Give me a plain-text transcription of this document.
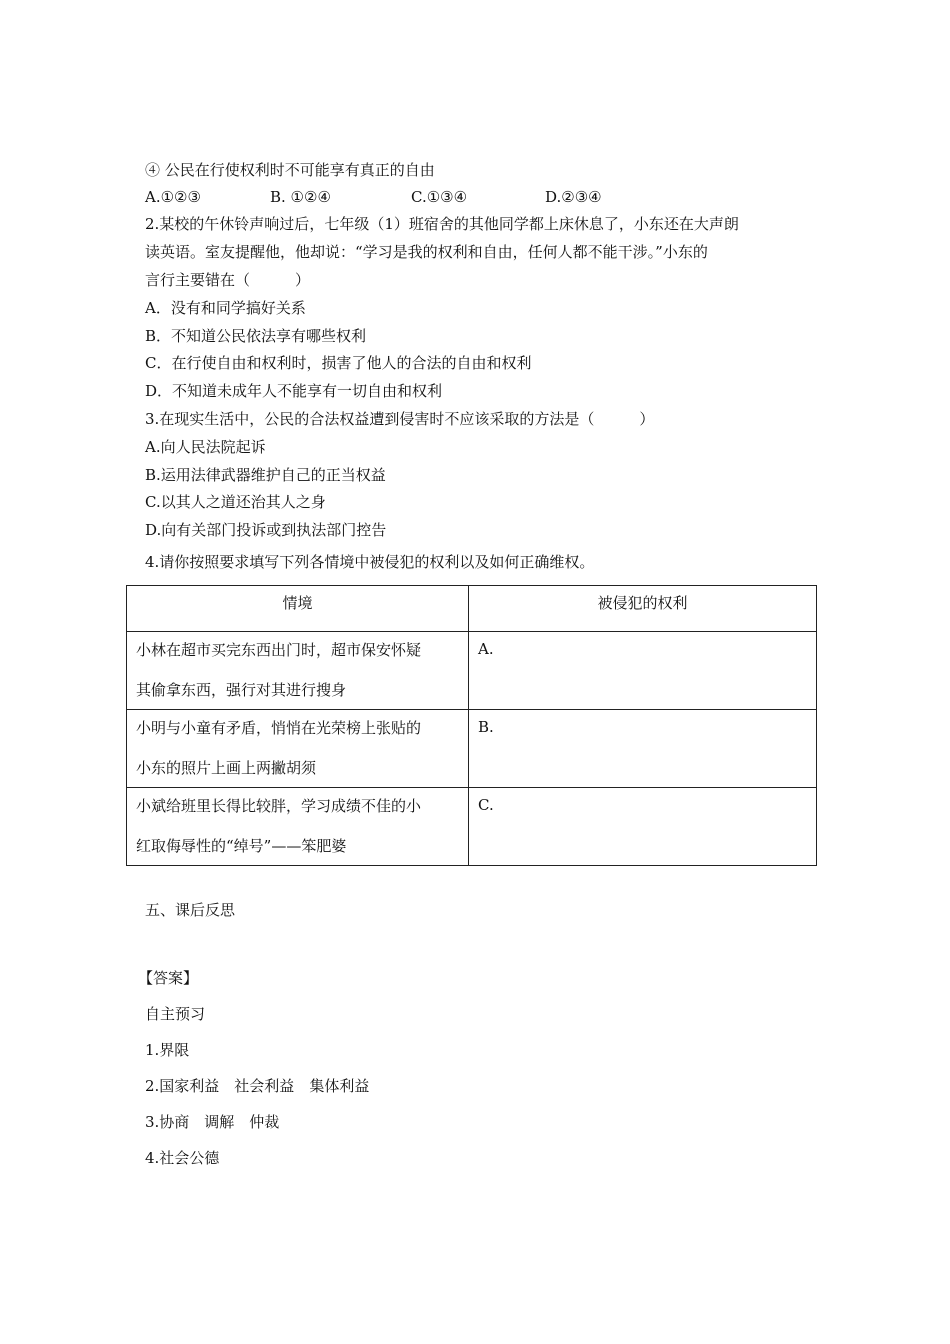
④ 公民在行使权利时不可能享有真正的自由
A.①②③	B. ①②④	C.①③④	D.②③④
2.某校的午休铃声响过后，七年级（1）班宿舍的其他同学都上床休息了，小东还在大声朗
读英语。室友提醒他，他却说：“学习是我的权利和自由，任何人都不能干涉。”小东的
言行主要错在（　　　）
A．没有和同学搞好关系
B．不知道公民依法享有哪些权利
C．在行使自由和权利时，损害了他人的合法的自由和权利
D．不知道未成年人不能享有一切自由和权利
3.在现实生活中，公民的合法权益遭到侵害时不应该采取的方法是（　　　）
A.向人民法院起诉
B.运用法律武器维护自己的正当权益
C.以其人之道还治其人之身
D.向有关部门投诉或到执法部门控告
4.请你按照要求填写下列各情境中被侵犯的权利以及如何正确维权。
情境	被侵犯的权利

小林在超市买完东西出门时，超市保安怀疑
其偷拿东西，强行对其进行搜身	A.

小明与小童有矛盾，悄悄在光荣榜上张贴的
小东的照片上画上两撇胡须	B.

小斌给班里长得比较胖，学习成绩不佳的小
红取侮辱性的“绰号”——笨肥婆	C.
五、课后反思
【答案】
自主预习
1.界限
2.国家利益　社会利益　集体利益
3.协商　调解　仲裁
4.社会公德
